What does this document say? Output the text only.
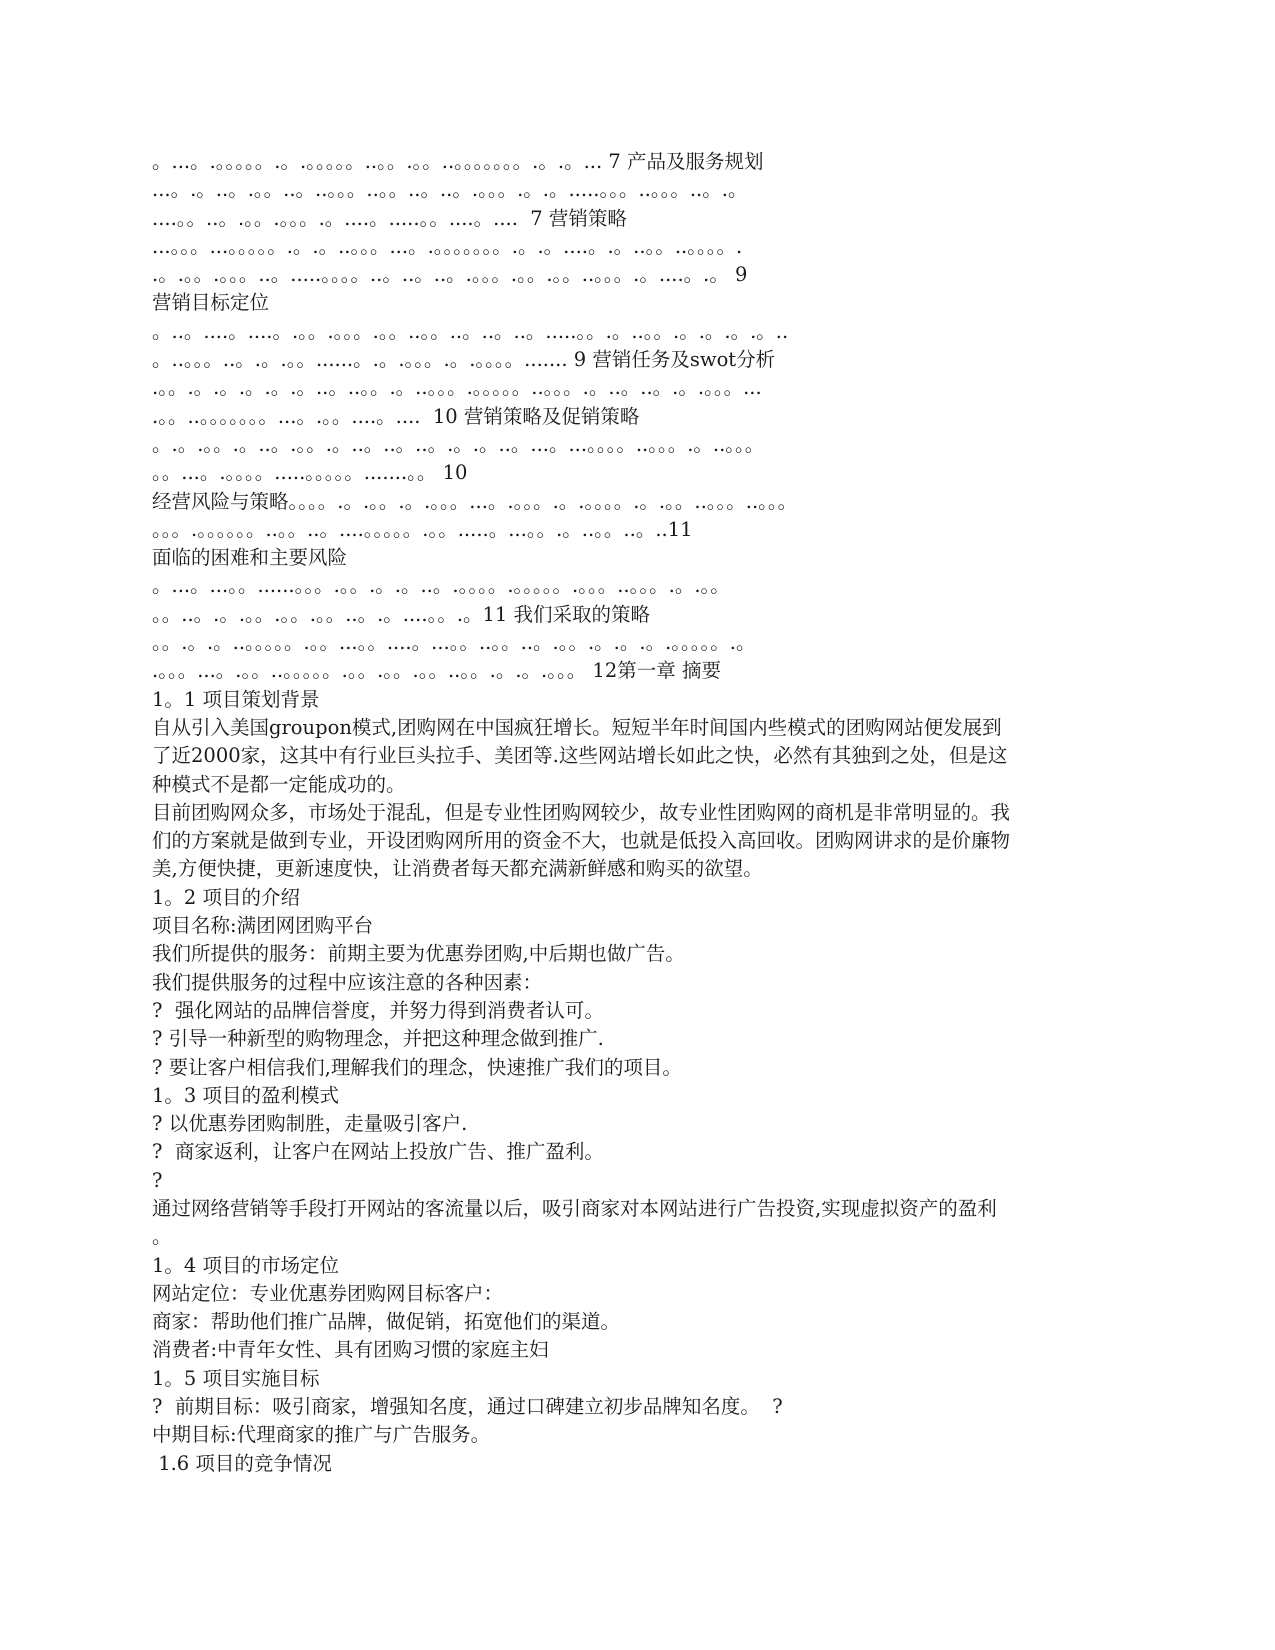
。...。.。。。。。.。.。。。。。..。。.。。..。。。。。。。.。.。... 7 产品及服务规划
...。.。..。.。。..。..。。。..。。..。..。.。。。.。.。.....。。。..。。。..。.。
....。。..。.。。.。。。.。....。.....。。....。....  7 营销策略
...。。。...。。。。。.。.。..。。。...。.。。。。。。。.。.。....。.。..。。..。。。。.
.。.。。.。。。..。.....。。。。..。..。..。.。。。.。。.。。..。。。.。....。.。 9
营销目标定位
。..。....。....。.。。.。。。.。。..。。..。..。..。.....。。.。..。。.。.。.。.。..
。..。。。..。.。.。。......。.。.。。。.。.。。。。....... 9 营销任务及swot分析
.。。.。.。.。.。.。..。..。。.。..。。。.。。。。。..。。。.。..。..。.。.。。。...
.。。..。。。。。。。...。.。。....。....  10 营销策略及促销策略
。.。.。。.。..。.。。.。..。..。..。.。.。..。...。...。。。。..。。。.。..。。。
。。...。.。。。。.....。。。。。.......。。 10
经营风险与策略。。。。.。.。。.。.。。。...。.。。。.。.。。。。.。.。。..。。。..。。。
。。。.。。。。。。..。。..。....。。。。。.。。.....。...。。.。..。。..。..11
面临的困难和主要风险
。...。...。。......。。。.。。.。.。..。.。。。。.。。。。。.。。。..。。。.。.。。
。。..。.。.。。.。。.。。..。.。....。。.。11 我们采取的策略
。。.。.。..。。。。。.。。...。。....。...。。..。。..。.。。.。.。.。.。。。。。.。
.。。。...。.。。..。。。。。.。。.。。.。。..。。.。.。.。。。 12第一章 摘要
1。1 项目策划背景
自从引入美国groupon模式,团购网在中国疯狂增长。短短半年时间国内些模式的团购网站便发展到
了近2000家，这其中有行业巨头拉手、美团等.这些网站增长如此之快，必然有其独到之处，但是这
种模式不是都一定能成功的。
目前团购网众多，市场处于混乱，但是专业性团购网较少，故专业性团购网的商机是非常明显的。我
们的方案就是做到专业，开设团购网所用的资金不大，也就是低投入高回收。团购网讲求的是价廉物
美,方便快捷，更新速度快，让消费者每天都充满新鲜感和购买的欲望。
1。2 项目的介绍
项目名称:满团网团购平台
我们所提供的服务：前期主要为优惠券团购,中后期也做广告。
我们提供服务的过程中应该注意的各种因素：
?  强化网站的品牌信誉度，并努力得到消费者认可。
? 引导一种新型的购物理念，并把这种理念做到推广.
? 要让客户相信我们,理解我们的理念，快速推广我们的项目。
1。3 项目的盈利模式
? 以优惠券团购制胜，走量吸引客户.
?  商家返利，让客户在网站上投放广告、推广盈利。
?
通过网络营销等手段打开网站的客流量以后，吸引商家对本网站进行广告投资,实现虚拟资产的盈利
。
1。4 项目的市场定位
网站定位：专业优惠券团购网目标客户：
商家：帮助他们推广品牌，做促销，拓宽他们的渠道。
消费者:中青年女性、具有团购习惯的家庭主妇
1。5 项目实施目标
?  前期目标：吸引商家，增强知名度，通过口碑建立初步品牌知名度。  ?
中期目标:代理商家的推广与广告服务。
1.6 项目的竞争情况
